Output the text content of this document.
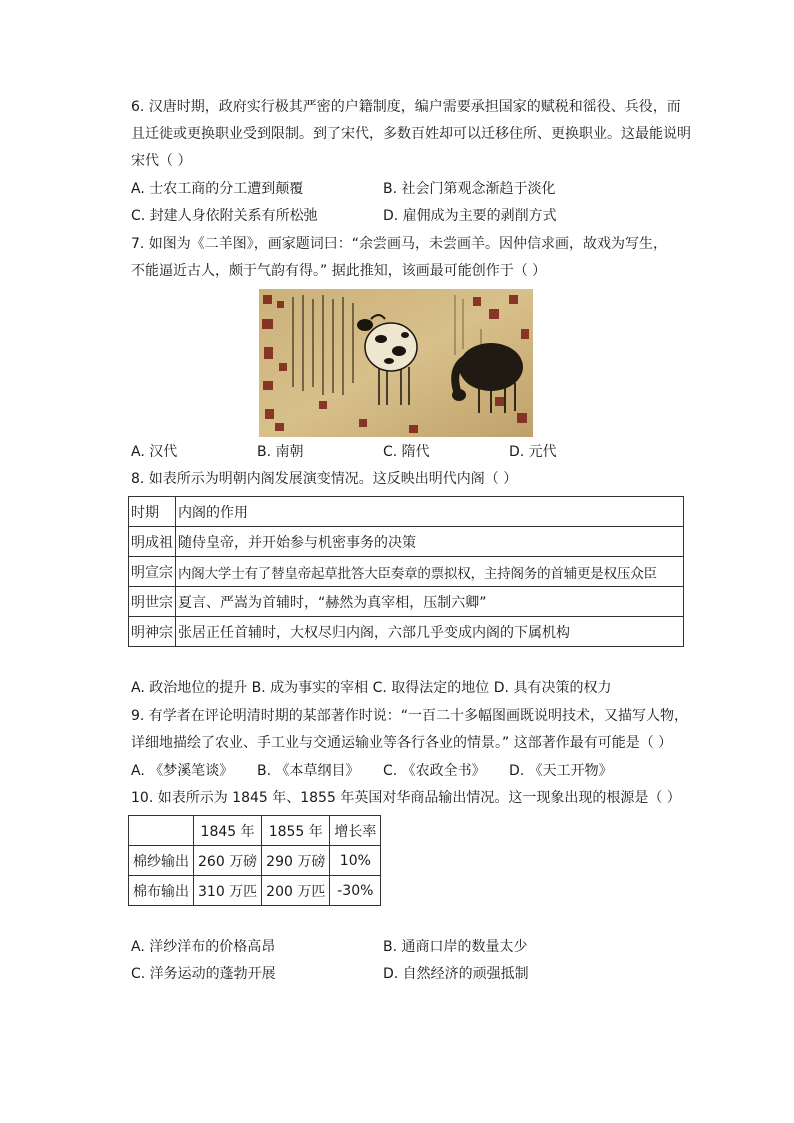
6. 汉唐时期，政府实行极其严密的户籍制度，编户需要承担国家的赋税和徭役、兵役，而
且迁徙或更换职业受到限制。到了宋代，多数百姓却可以迁移住所、更换职业。这最能说明
宋代（ ）
A. 士农工商的分工遭到颠覆	B. 社会门第观念渐趋于淡化
C. 封建人身依附关系有所松弛	D. 雇佣成为主要的剥削方式
7. 如图为《二羊图》，画家题词曰：“余尝画马，未尝画羊。因仲信求画，故戏为写生，
不能逼近古人，颇于气韵有得。” 据此推知，该画最可能创作于（ ）
A. 汉代	B. 南朝	C. 隋代	D. 元代
8. 如表所示为明朝内阁发展演变情况。这反映出明代内阁（ ）
时期	内阁的作用
明成祖	随侍皇帝，并开始参与机密事务的决策
明宣宗	内阁大学士有了替皇帝起草批答大臣奏章的票拟权，主持阁务的首辅更是权压众臣
明世宗	夏言、严嵩为首辅时，“赫然为真宰相，压制六卿”
明神宗	张居正任首辅时，大权尽归内阁，六部几乎变成内阁的下属机构
A. 政治地位的提升 B. 成为事实的宰相 C. 取得法定的地位 D. 具有决策的权力
9. 有学者在评论明清时期的某部著作时说：“一百二十多幅图画既说明技术，又描写人物，
详细地描绘了农业、手工业与交通运输业等各行各业的情景。” 这部著作最有可能是（ ）
A. 《梦溪笔谈》 B. 《本草纲目》 C. 《农政全书》 D. 《天工开物》
10. 如表所示为 1845 年、1855 年英国对华商品输出情况。这一现象出现的根源是（ ）
	1845 年	1855 年	增长率
棉纱输出	260 万磅	290 万磅	10%
棉布输出	310 万匹	200 万匹	-30%
A. 洋纱洋布的价格高昂	B. 通商口岸的数量太少
C. 洋务运动的蓬勃开展	D. 自然经济的顽强抵制
